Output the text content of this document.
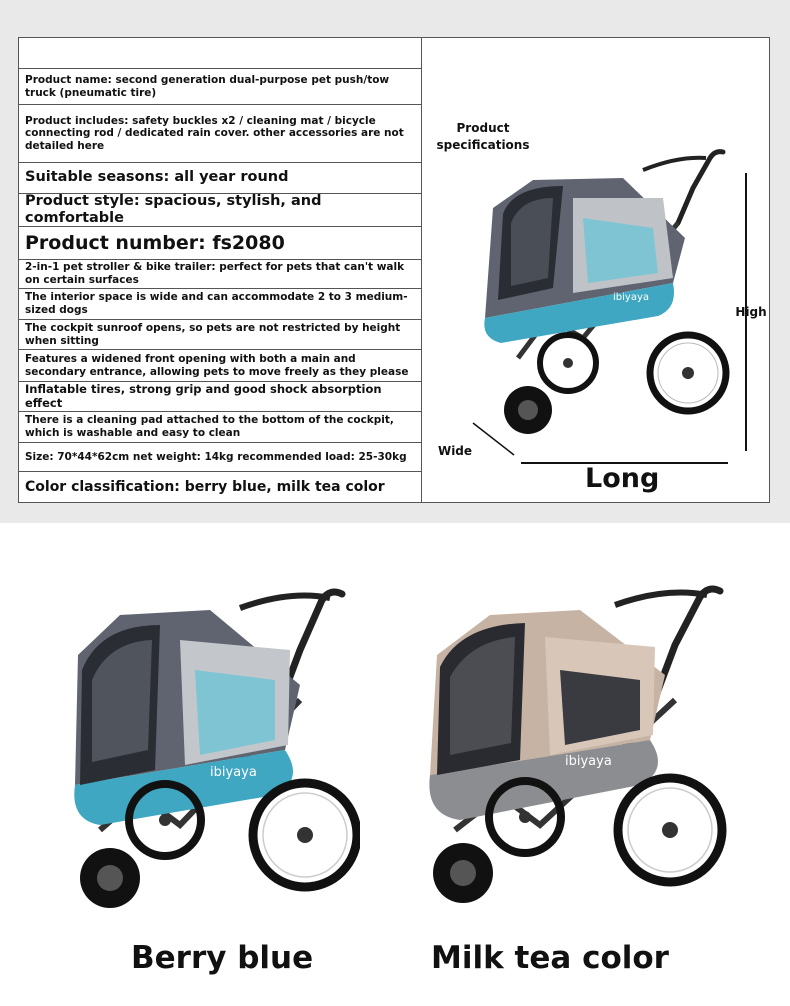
Product name: second generation dual-purpose pet push/tow truck (pneumatic tire)
Product includes: safety buckles x2 / cleaning mat / bicycle connecting rod / dedicated rain cover. other accessories are not detailed here
Suitable seasons: all year round
Product style: spacious, stylish, and comfortable
Product number: fs2080
2-in-1 pet stroller & bike trailer: perfect for pets that can't walk on certain surfaces
The interior space is wide and can accommodate 2 to 3 medium-sized dogs
The cockpit sunroof opens, so pets are not restricted by height when sitting
Features a widened front opening with both a main and secondary entrance, allowing pets to move freely as they please
Inflatable tires, strong grip and good shock absorption effect
There is a cleaning pad attached to the bottom of the cockpit, which is washable and easy to clean
Size: 70*44*62cm net weight: 14kg recommended load: 25-30kg
Color classification: berry blue, milk tea color
Product specifications
ibiyaya
High
Wide
Long
ibiyaya
ibiyaya
Berry blue	Milk tea color
